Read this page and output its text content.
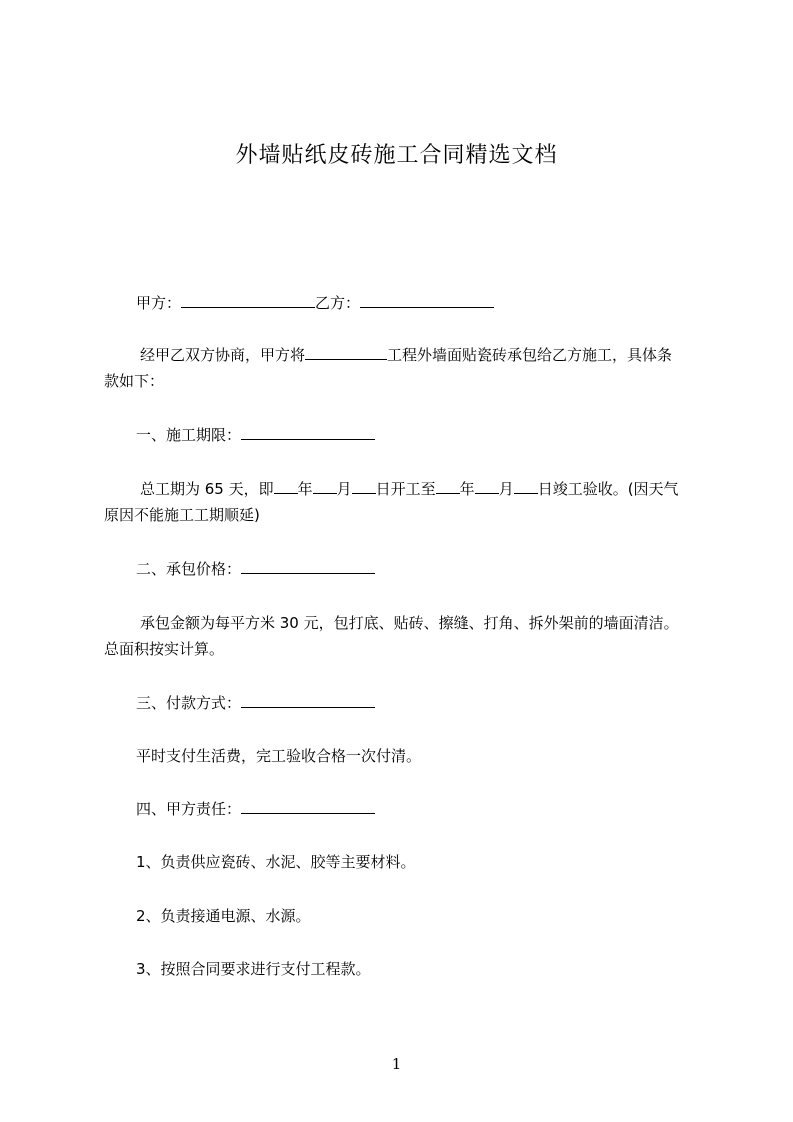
外墙贴纸皮砖施工合同精选文档
甲方：	乙方：
经甲乙双方协商，甲方将	工程外墙面贴瓷砖承包给乙方施工，具体条
款如下：
一、施工期限：
总工期为 65 天，即 年 月 日开工至 年 月 日竣工验收。(因天气
原因不能施工工期顺延)
二、承包价格：
承包金额为每平方米 30 元，包打底、贴砖、擦缝、打角、拆外架前的墙面清洁。
总面积按实计算。
三、付款方式：
平时支付生活费，完工验收合格一次付清。
四、甲方责任：
1、负责供应瓷砖、水泥、胶等主要材料。
2、负责接通电源、水源。
3、按照合同要求进行支付工程款。
1
